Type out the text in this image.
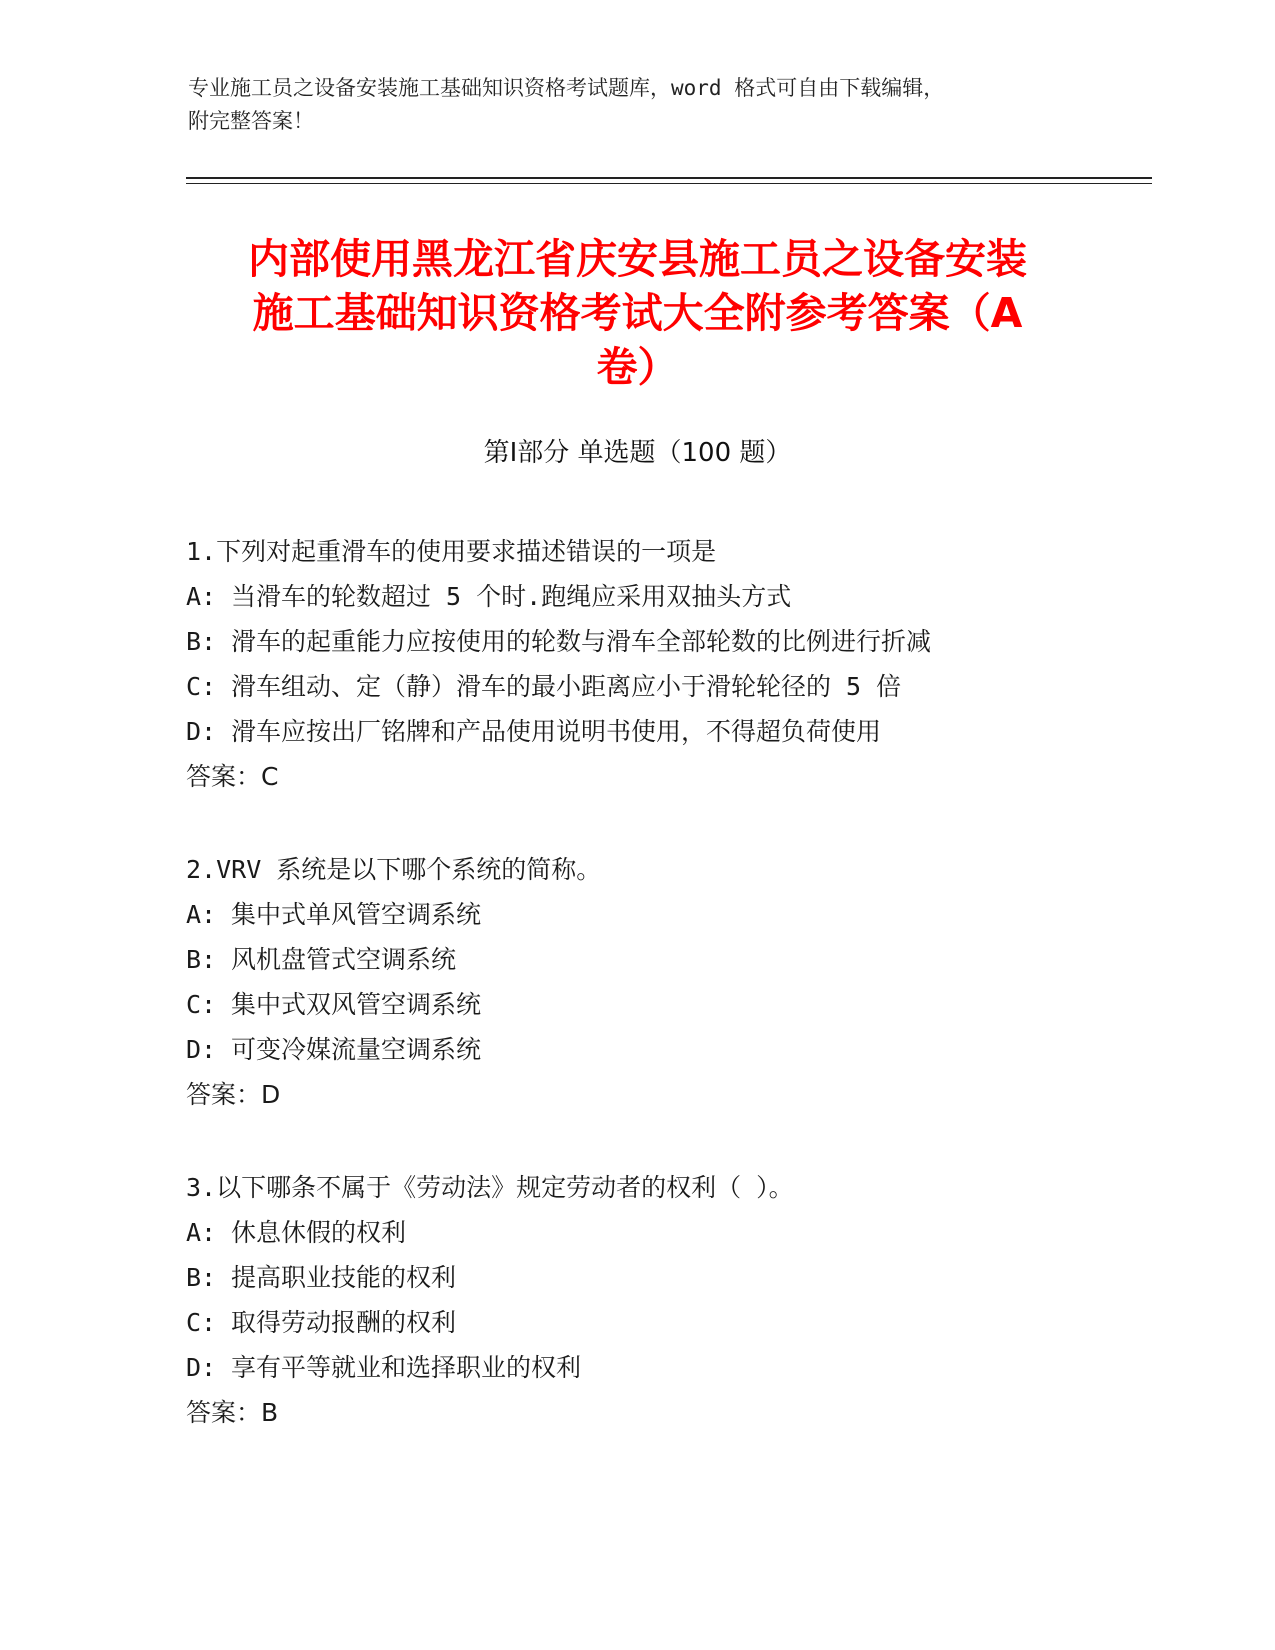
专业施工员之设备安装施工基础知识资格考试题库，word 格式可自由下载编辑，
附完整答案！
内部使用黑龙江省庆安县施工员之设备安装
施工基础知识资格考试大全附参考答案（A
卷）
第Ⅰ部分 单选题（100 题）
1.下列对起重滑车的使用要求描述错误的一项是
A: 当滑车的轮数超过 5 个时.跑绳应采用双抽头方式
B: 滑车的起重能力应按使用的轮数与滑车全部轮数的比例进行折减
C: 滑车组动、定（静）滑车的最小距离应小于滑轮轮径的 5 倍
D: 滑车应按出厂铭牌和产品使用说明书使用，不得超负荷使用
答案：C
2.VRV 系统是以下哪个系统的简称。
A: 集中式单风管空调系统
B: 风机盘管式空调系统
C: 集中式双风管空调系统
D: 可变冷媒流量空调系统
答案：D
3.以下哪条不属于《劳动法》规定劳动者的权利（ ）。
A: 休息休假的权利
B: 提高职业技能的权利
C: 取得劳动报酬的权利
D: 享有平等就业和选择职业的权利
答案：B
